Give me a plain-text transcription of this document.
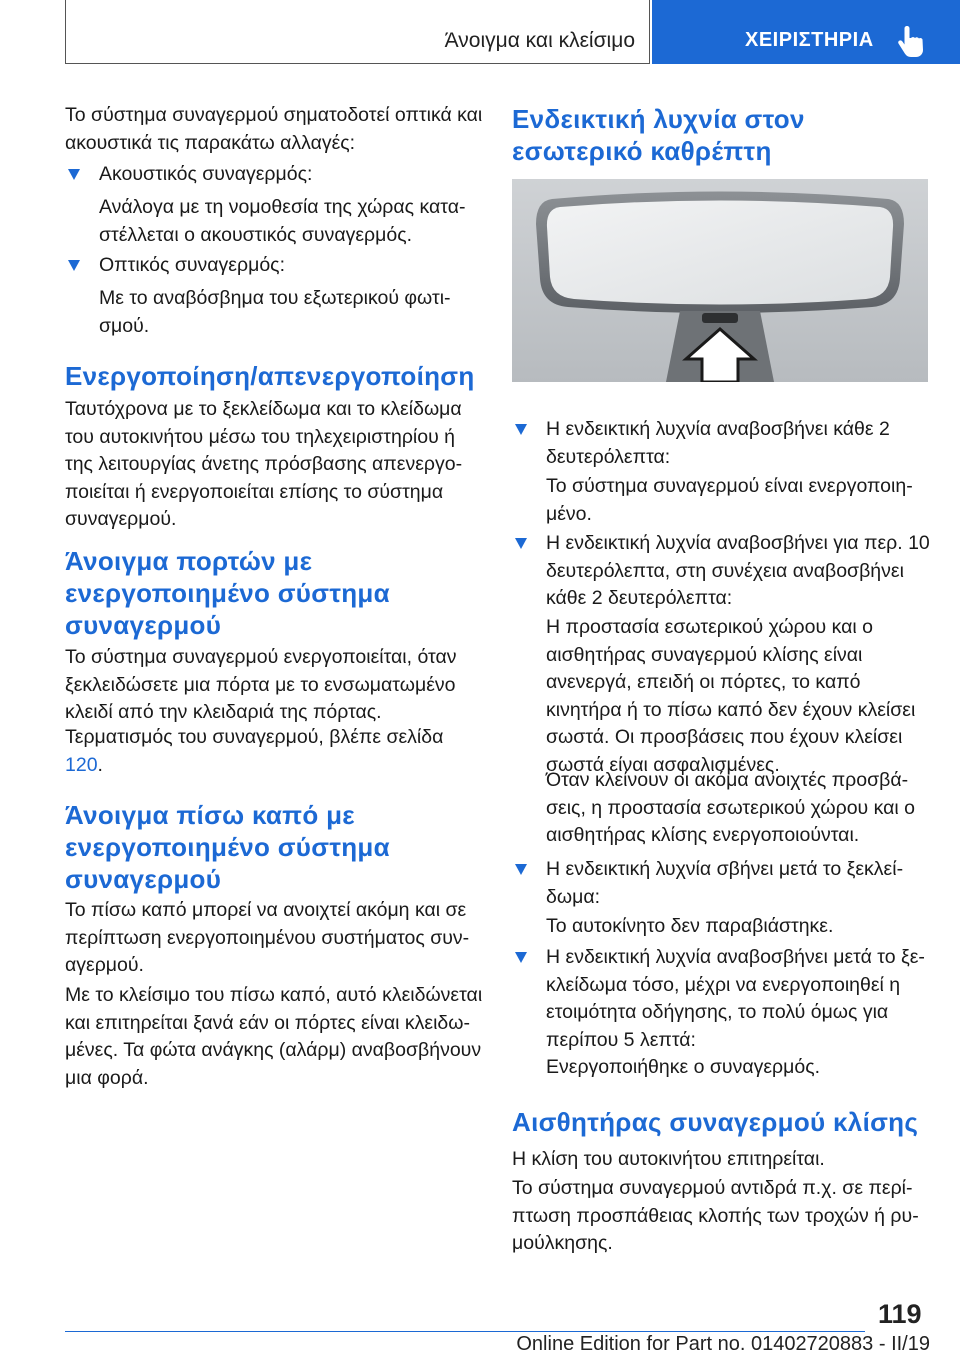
Άνοιγμα και κλείσιμο	ΧΕΙΡΙΣΤΗΡΙΑ

Το σύστημα συναγερμού σηματοδοτεί οπτικά και ακουστικά τις παρακάτω αλλαγές:

Ακουστικός συναγερμός:

Ανάλογα με τη νομοθεσία της χώρας καταστέλλεται ο ακουστικός συναγερμός.

Οπτικός συναγερμός:

Με το αναβόσβημα του εξωτερικού φωτισμού.

Ενεργοποίηση/απενεργοποίηση

Ταυτόχρονα με το ξεκλείδωμα και το κλείδωμα του αυτοκινήτου μέσω του τηλεχειριστηρίου ή της λειτουργίας άνετης πρόσβασης απενεργοποιείται ή ενεργοποιείται επίσης το σύστημα συναγερμού.

Άνοιγμα πορτών με ενεργοποιημένο σύστημα συναγερμού

Το σύστημα συναγερμού ενεργοποιείται, όταν ξεκλειδώσετε μια πόρτα με το ενσωματωμένο κλειδί από την κλειδαριά της πόρτας.

Τερματισμός του συναγερμού, βλέπε σελίδα 120.

Άνοιγμα πίσω καπό με ενεργοποιημένο σύστημα συναγερμού

Το πίσω καπό μπορεί να ανοιχτεί ακόμη και σε περίπτωση ενεργοποιημένου συστήματος συναγερμού.

Με το κλείσιμο του πίσω καπό, αυτό κλειδώνεται και επιτηρείται ξανά εάν οι πόρτες είναι κλειδωμένες. Τα φώτα ανάγκης (αλάρμ) αναβοσβήνουν μια φορά.

Ενδεικτική λυχνία στον εσωτερικό καθρέπτη

Η ενδεικτική λυχνία αναβοσβήνει κάθε 2 δευτερόλεπτα:

Το σύστημα συναγερμού είναι ενεργοποιημένο.

Η ενδεικτική λυχνία αναβοσβήνει για περ. 10 δευτερόλεπτα, στη συνέχεια αναβοσβήνει κάθε 2 δευτερόλεπτα:

Η προστασία εσωτερικού χώρου και ο αισθητήρας συναγερμού κλίσης είναι ανενεργά, επειδή οι πόρτες, το καπό κινητήρα ή το πίσω καπό δεν έχουν κλείσει σωστά. Οι προσβάσεις που έχουν κλείσει σωστά είναι ασφαλισμένες.

Όταν κλείνουν οι ακόμα ανοιχτές προσβάσεις, η προστασία εσωτερικού χώρου και ο αισθητήρας κλίσης ενεργοποιούνται.

Η ενδεικτική λυχνία σβήνει μετά το ξεκλείδωμα:

Το αυτοκίνητο δεν παραβιάστηκε.

Η ενδεικτική λυχνία αναβοσβήνει μετά το ξεκλείδωμα τόσο, μέχρι να ενεργοποιηθεί η ετοιμότητα οδήγησης, το πολύ όμως για περίπου 5 λεπτά:

Ενεργοποιήθηκε ο συναγερμός.

Αισθητήρας συναγερμού κλίσης

Η κλίση του αυτοκινήτου επιτηρείται.

Το σύστημα συναγερμού αντιδρά π.χ. σε περίπτωση προσπάθειας κλοπής των τροχών ή ρυμούλκησης.

119
Online Edition for Part no. 01402720883 - II/19
